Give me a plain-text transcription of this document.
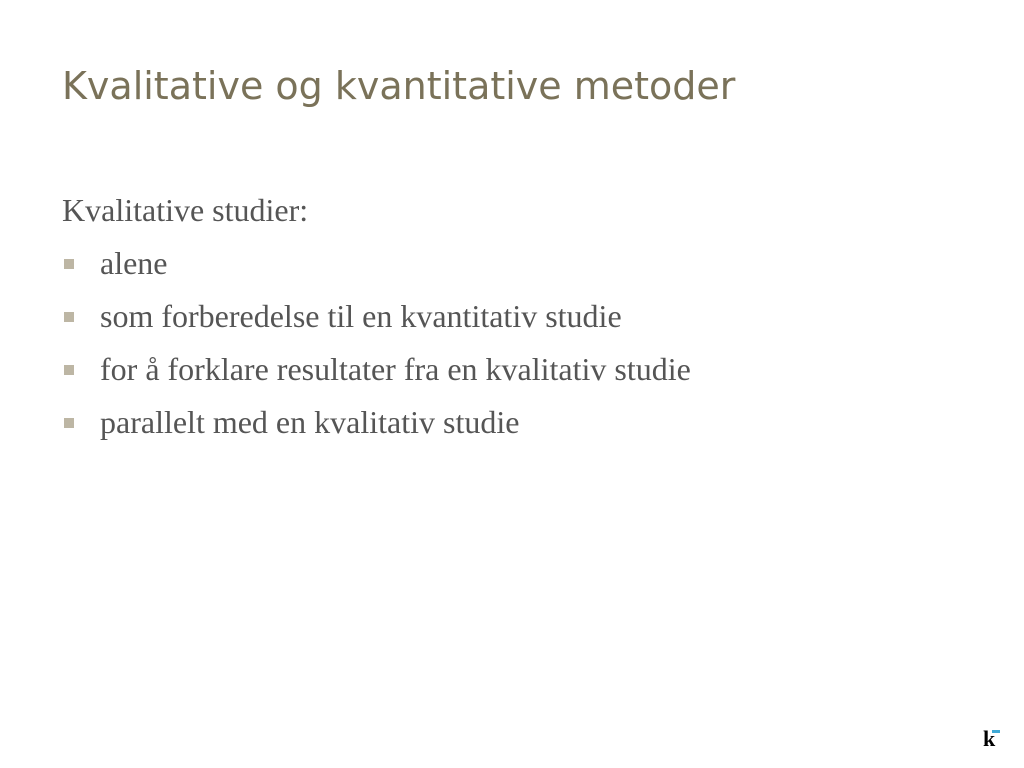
Kvalitative og kvantitative metoder

Kvalitative studier:

alene
som forberedelse til en kvantitativ studie
for å forklare resultater fra en kvalitativ studie
parallelt med en kvalitativ studie
k
